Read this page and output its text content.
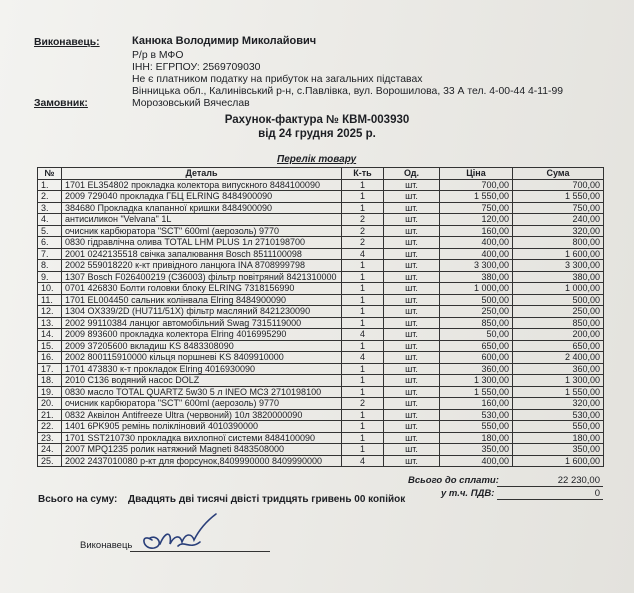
Виконавець:	Канюка Володимир Миколайович
Р/р в МФО
ІНН: ЕГРПОУ: 2569709030
Не є платником податку на прибуток на загальних підставах
Вінницька обл., Калинівський р-н, с.Павлівка, вул. Ворошилова, 33 А тел. 4-00-44 4-11-99
Замовник:	Морозовський Вячеслав
Рахунок-фактура № КВМ-003930
від 24 грудня 2025 р.
Перелік товару
№	Деталь	К-ть	Од.	Ціна	Сума
1.	1701 EL354802 прокладка колектора випускного 8484100090	1	шт.	700,00	700,00
2.	2009 729040 прокладка ГБЦ ELRING 8484900090	1	шт.	1 550,00	1 550,00
3.	384680 Прокладка клапанної кришки 8484900090	1	шт.	750,00	750,00
4.	антисиликон "Velvana" 1L	2	шт.	120,00	240,00
5.	очисник карбюратора "SCT" 600ml (аерозоль) 9770	2	шт.	160,00	320,00
6.	0830 гідравлічна олива TOTAL LHM PLUS 1л 2710198700	2	шт.	400,00	800,00
7.	2001 0242135518 свічка запалювання Bosch 8511100098	4	шт.	400,00	1 600,00
8.	2002 559018220 к-кт привідного ланцюга INA 8708999798	1	шт.	3 300,00	3 300,00
9.	1307 Bosch F026400219 (С36003) фільтр повітряний 8421310000	1	шт.	380,00	380,00
10.	0701 426830 Болти головки блоку ELRING 7318156990	1	шт.	1 000,00	1 000,00
11.	1701 EL004450 сальник колінвала Elring 8484900090	1	шт.	500,00	500,00
12.	1304 OX339/2D (HU711/51X) фільтр масляний 8421230090	1	шт.	250,00	250,00
13.	2002 99110384 ланцюг автомобільний Swag 7315119000	1	шт.	850,00	850,00
14.	2009 893600 прокладка колектора Elring 4016995290	4	шт.	50,00	200,00
15.	2009 37205600 вкладиш KS 8483308090	1	шт.	650,00	650,00
16.	2002 800115910000 кільця поршневі KS 8409910000	4	шт.	600,00	2 400,00
17.	1701 473830 к-т прокладок Elring 4016930090	1	шт.	360,00	360,00
18.	2010 С136 водяний насос DOLZ	1	шт.	1 300,00	1 300,00
19.	0830 масло TOTAL QUARTZ 5w30 5 л INEO MC3 2710198100	1	шт.	1 550,00	1 550,00
20.	очисник карбюратора "SCT" 600ml (аерозоль) 9770	2	шт.	160,00	320,00
21.	0832 Аквілон Antifreeze Ultra (червоний) 10л 3820000090	1	шт.	530,00	530,00
22.	1401 6PK905 ремінь полікліновий 4010390000	1	шт.	550,00	550,00
23.	1701 SST210730 прокладка вихлопної системи 8484100090	1	шт.	180,00	180,00
24.	2007 MPQ1235 ролик натяжний Magneti 8483508000	1	шт.	350,00	350,00
25.	2002 2437010080 р-кт для форсунок,8409990000 8409990000	4	шт.	400,00	1 600,00
Всього до сплати:	22 230,00
у т.ч. ПДВ:	0
Всього на суму: Двадцять дві тисячі двісті тридцять гривень 00 копійок
Виконавець
